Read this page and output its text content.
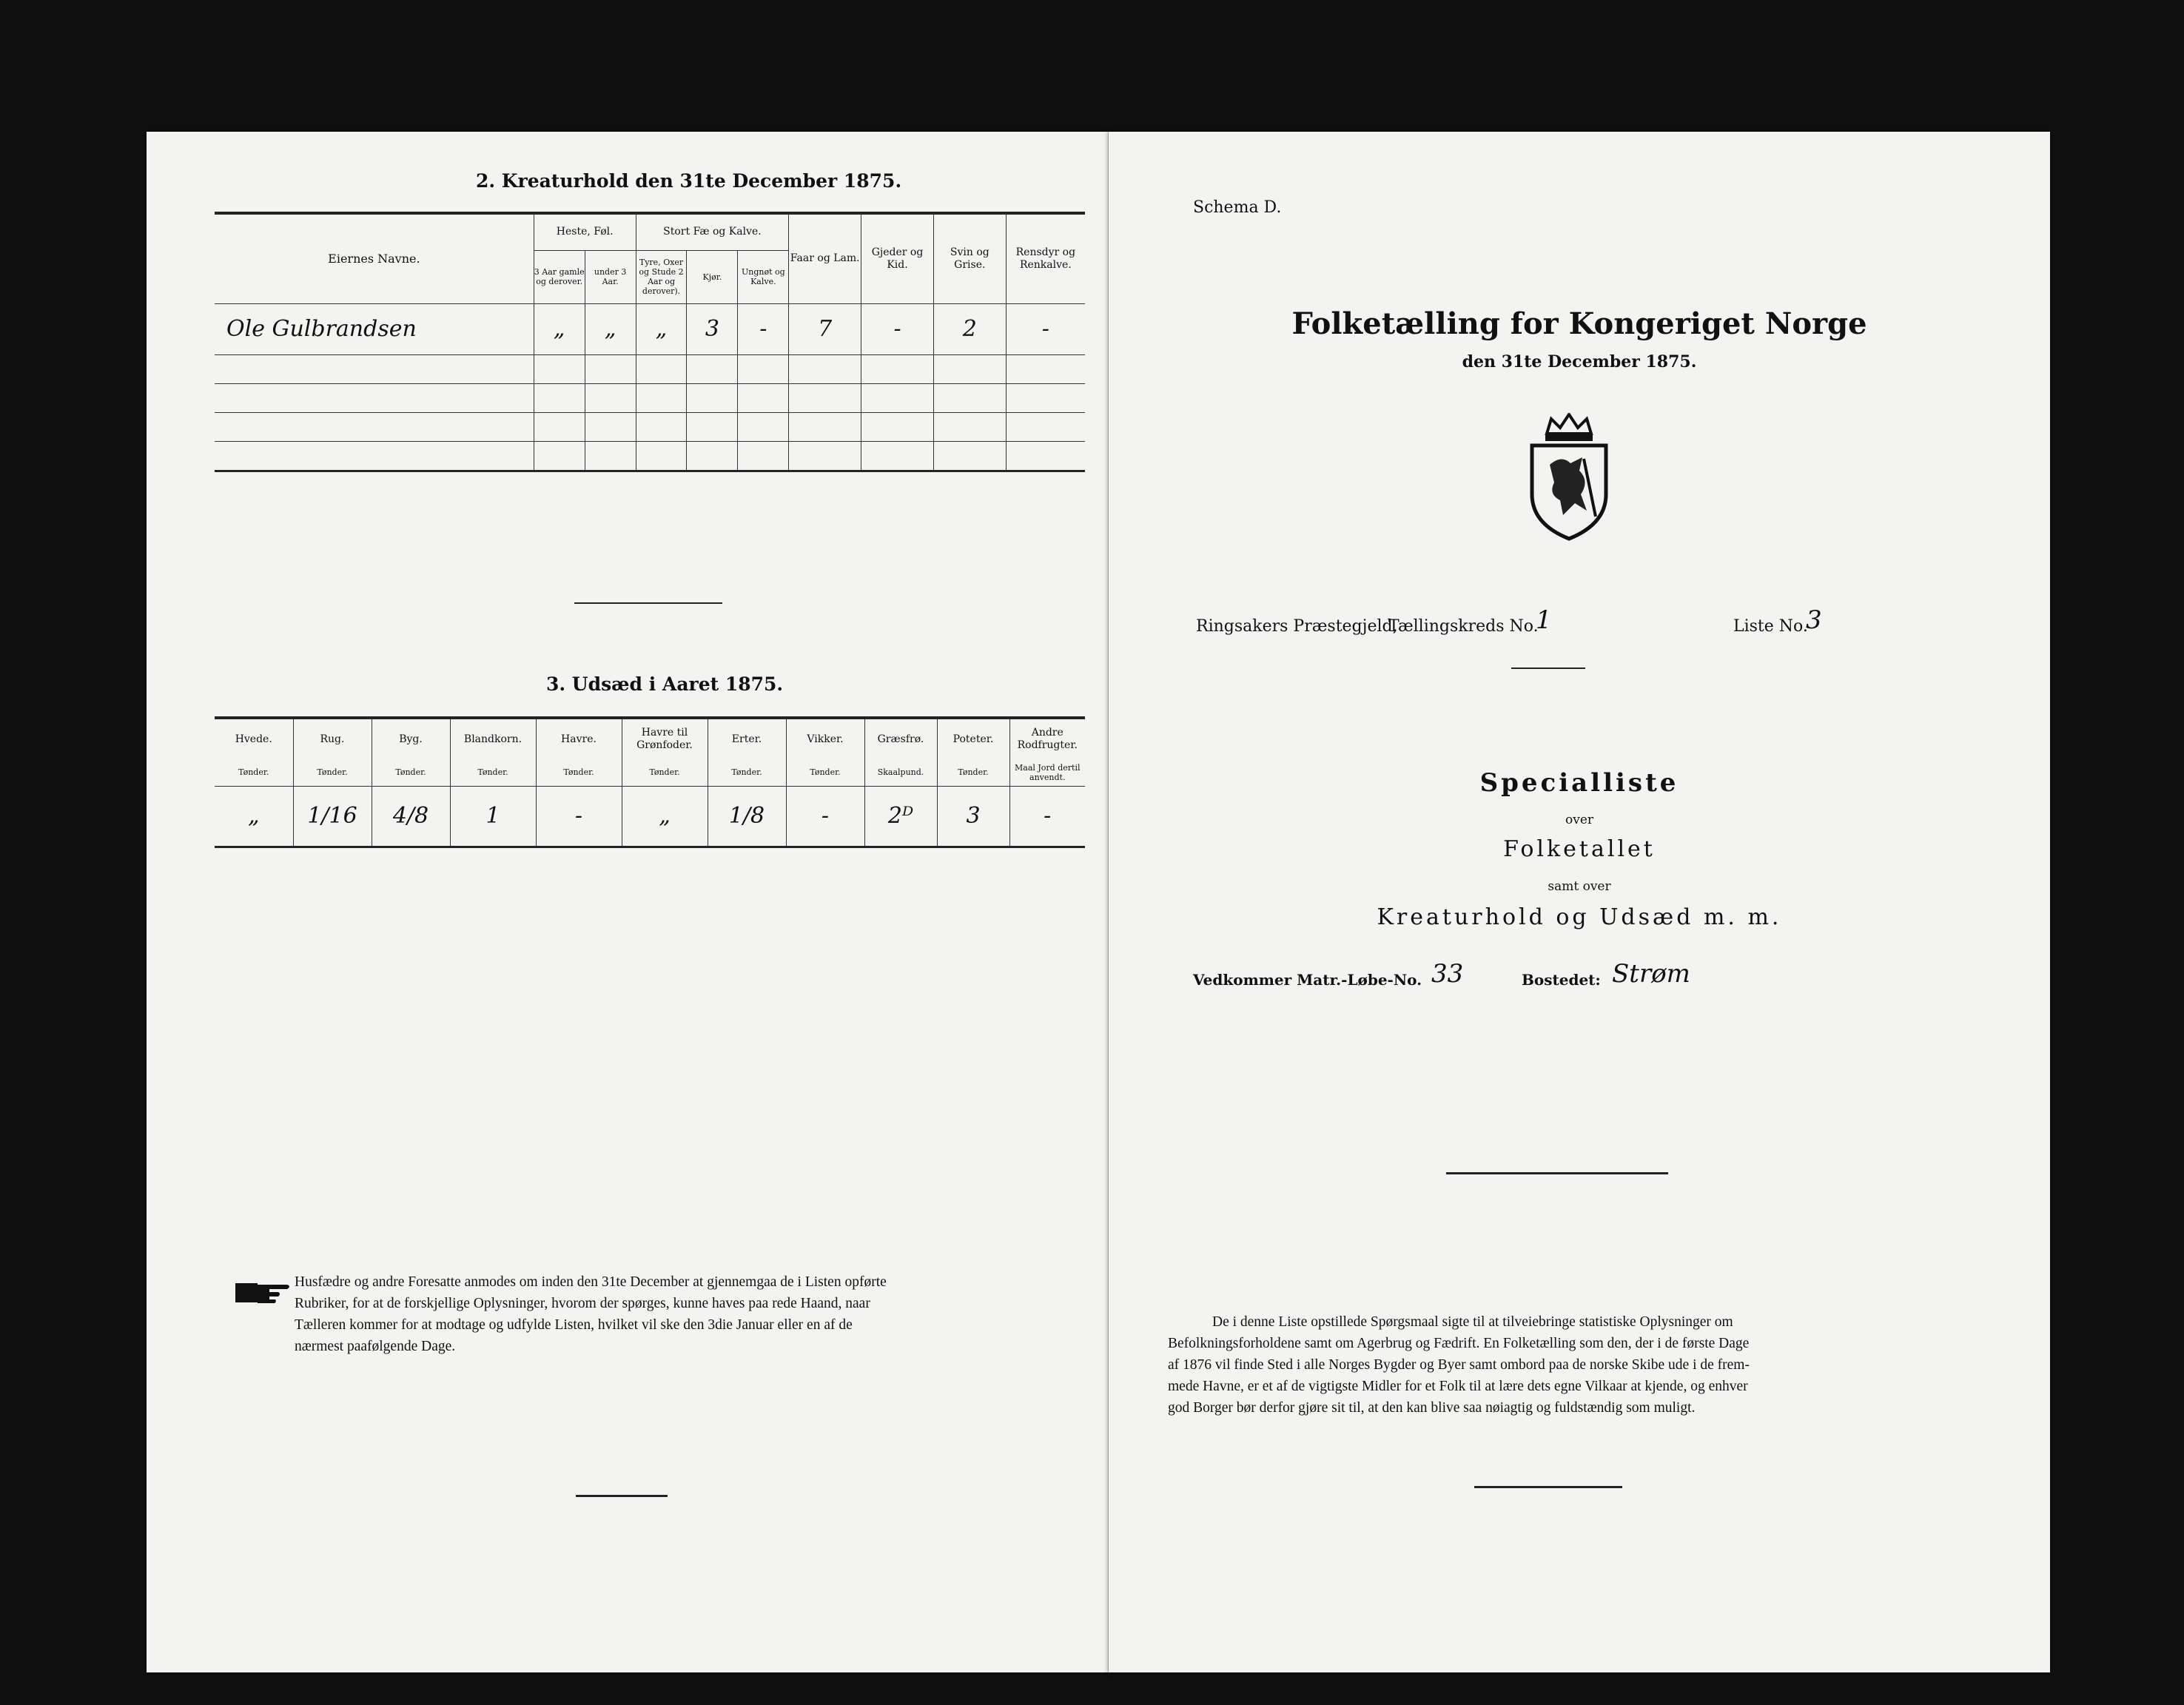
2. Kreaturhold den 31te December 1875.
Eiernes Navne.	Heste, Føl.		Stort Fæ og Kalve.			Faar og Lam.	Gjeder og Kid.	Svin og Grise.	Rensdyr og Renkalve.
	3 Aar gamle og derover.	under 3 Aar.	Tyre, Oxer og Stude 2 Aar og derover).	Kjør.	Ungnøt og Kalve.				
Ole Gulbrandsen	„	„	„	3	-	7	-	2	-

3. Udsæd i Aaret 1875.
Hvede.	Rug.	Byg.	Blandkorn.	Havre.	Havre til Grønfoder.	Erter.	Vikker.	Græsfrø.	Poteter.	Andre Rodfrugter.
Tønder.	Tønder.	Tønder.	Tønder.	Tønder.	Tønder.	Tønder.	Tønder.	Skaalpund.	Tønder.	Maal Jord dertil anvendt.
„	1/16	4/8	1	-	„	1/8	-	2ᴰ	3	-
Husfædre og andre Foresatte anmodes om inden den 31te December at gjennemgaa de i Listen opførte
Rubriker, for at de forskjellige Oplysninger, hvorom der spørges, kunne haves paa rede Haand, naar
Tælleren kommer for at modtage og udfylde Listen, hvilket vil ske den 3die Januar eller en af de
nærmest paafølgende Dage.
Schema D.
Folketælling for Kongeriget Norge
den 31te December 1875.
Ringsakers Præstegjeld,
Tællingskreds No.
1	Liste No.
3
Specialliste
over
Folketallet
samt over
Kreaturhold og Udsæd m. m.
Vedkommer Matr.-Løbe-No. 33	Bostedet: Strøm
De i denne Liste opstillede Spørgsmaal sigte til at tilveiebringe statistiske Oplysninger om
Befolkningsforholdene samt om Agerbrug og Fædrift. En Folketælling som den, der i de første Dage
af 1876 vil finde Sted i alle Norges Bygder og Byer samt ombord paa de norske Skibe ude i de frem-
mede Havne, er et af de vigtigste Midler for et Folk til at lære dets egne Vilkaar at kjende, og enhver
god Borger bør derfor gjøre sit til, at den kan blive saa nøiagtig og fuldstændig som muligt.
